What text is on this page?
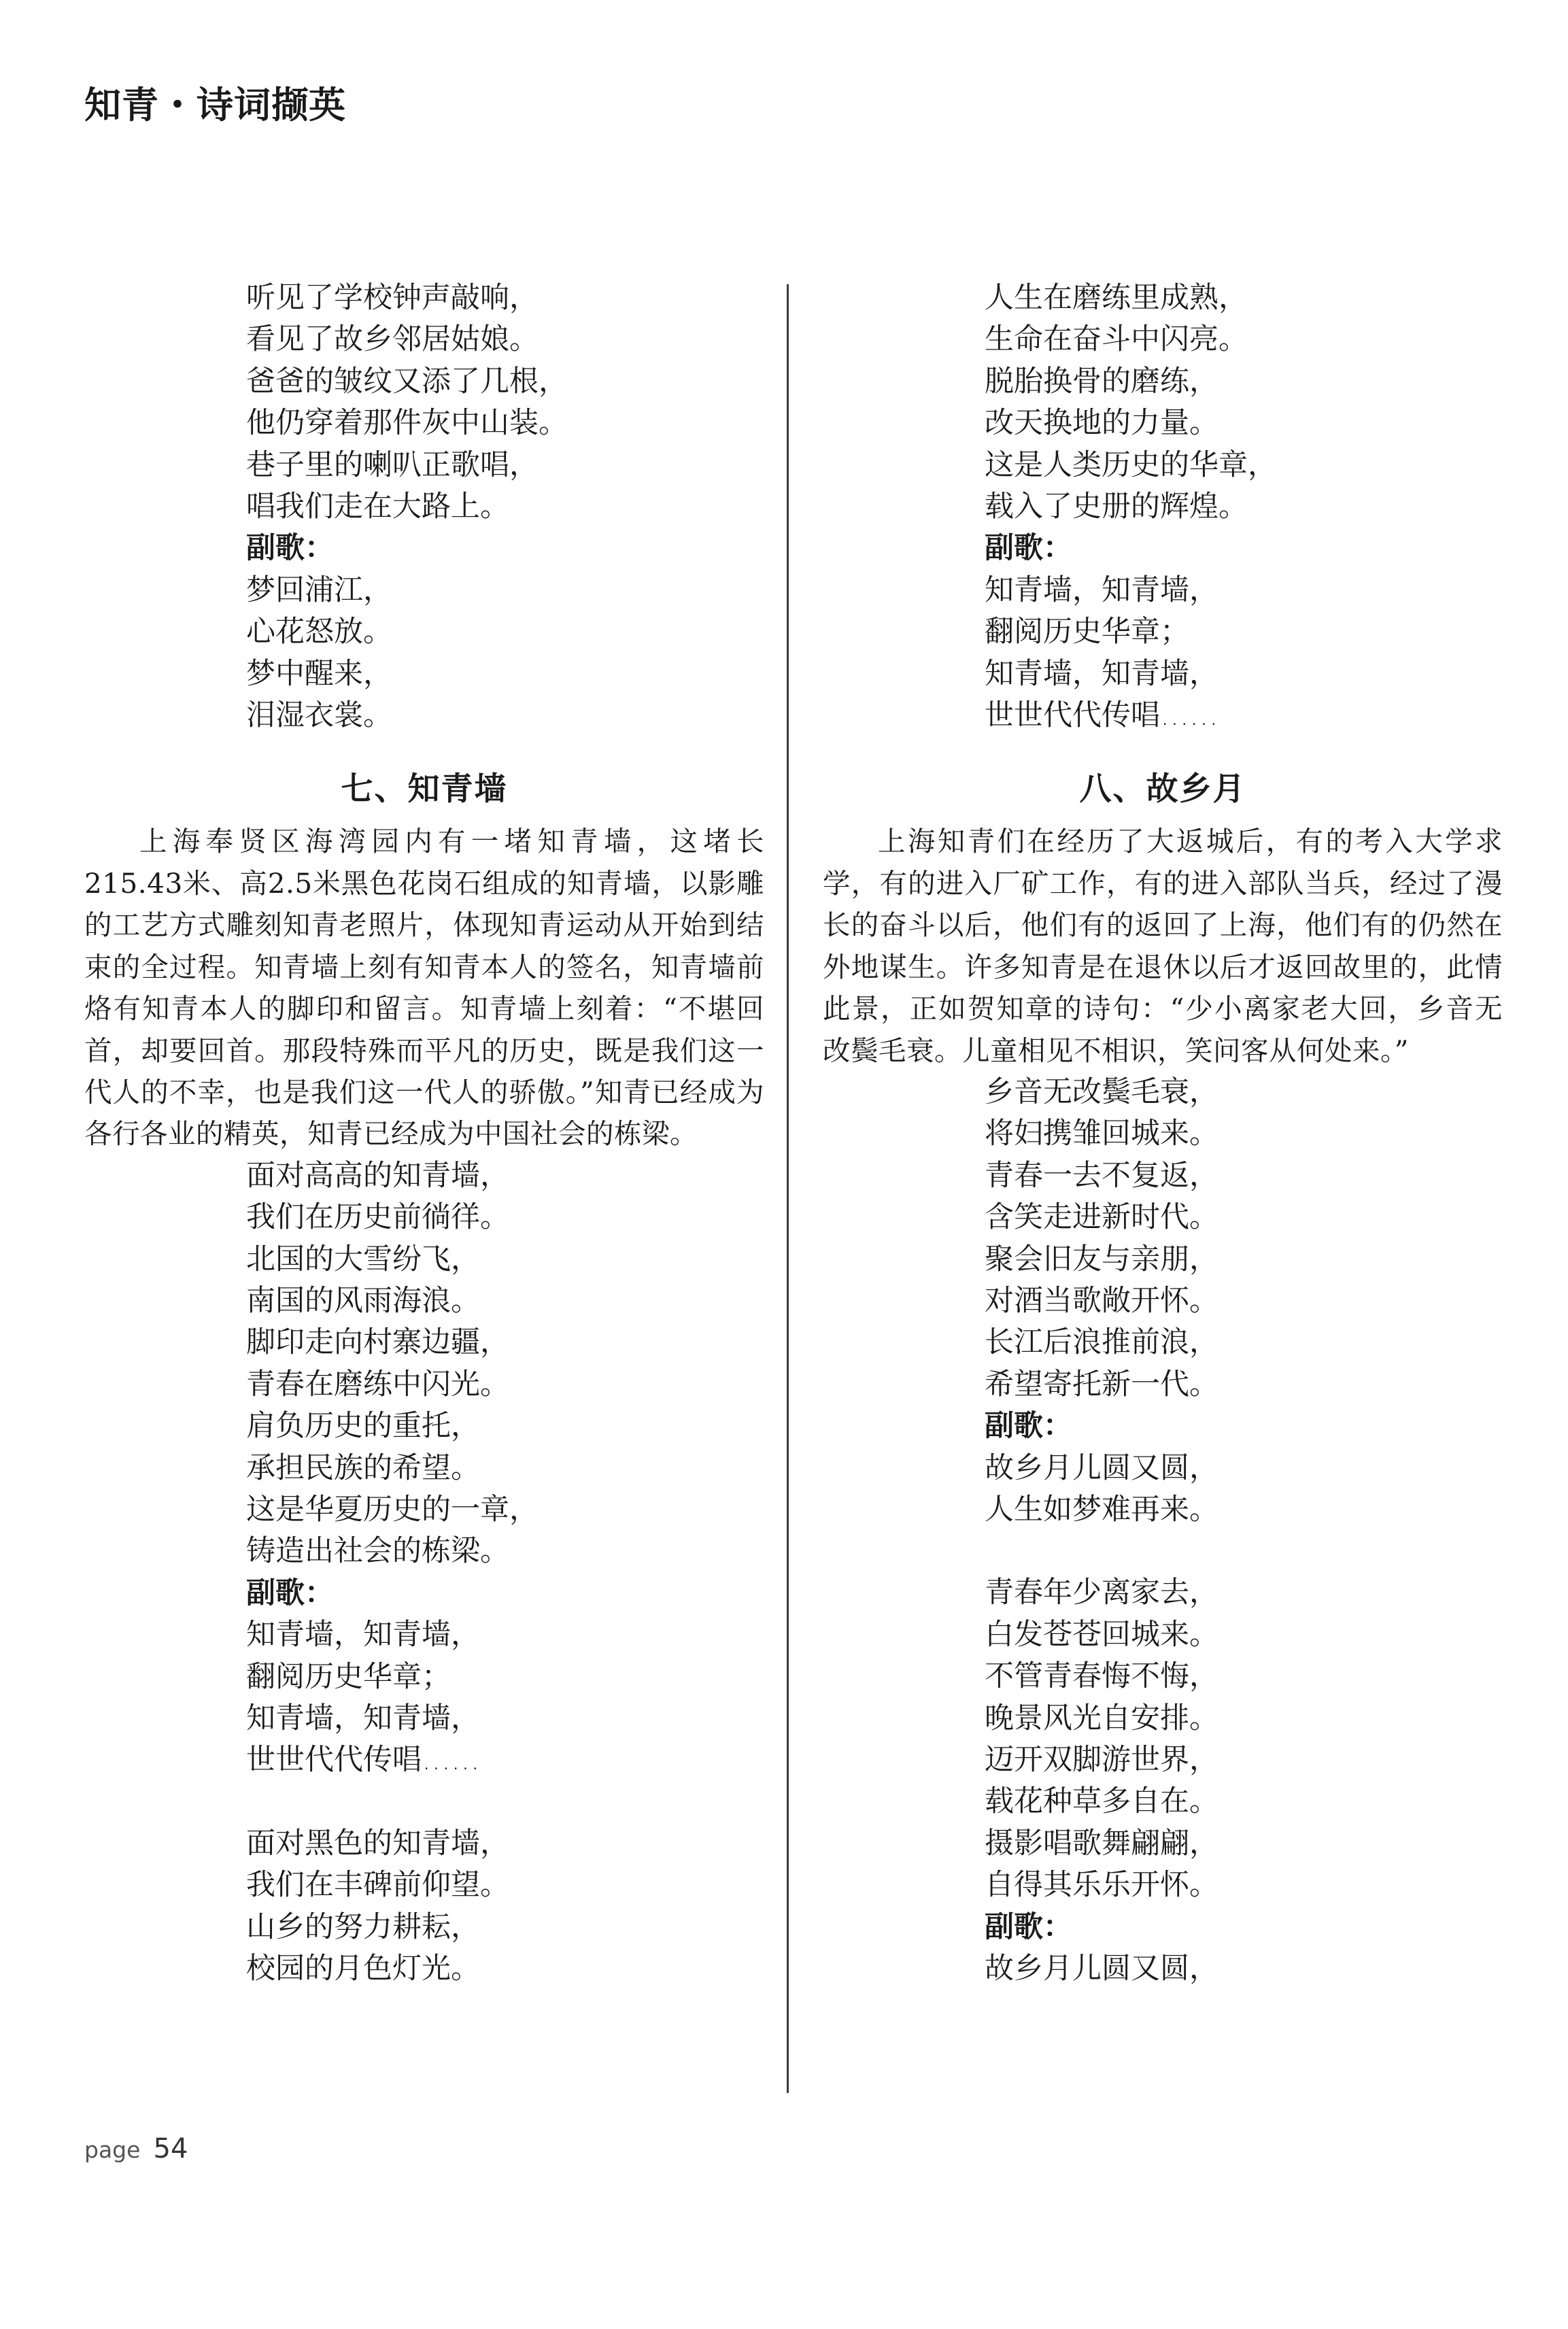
知青・诗词撷英
听见了学校钟声敲响，
看见了故乡邻居姑娘。
爸爸的皱纹又添了几根，
他仍穿着那件灰中山装。
巷子里的喇叭正歌唱，
唱我们走在大路上。
副歌：
梦回浦江，
心花怒放。
梦中醒来，
泪湿衣裳。
七、知青墙
上海奉贤区海湾园内有一堵知青墙，这堵长215.43米、高2.5米黑色花岗石组成的知青墙，以影雕的工艺方式雕刻知青老照片，体现知青运动从开始到结束的全过程。知青墙上刻有知青本人的签名，知青墙前烙有知青本人的脚印和留言。知青墙上刻着：“不堪回首，却要回首。那段特殊而平凡的历史，既是我们这一代人的不幸，也是我们这一代人的骄傲。”知青已经成为各行各业的精英，知青已经成为中国社会的栋梁。
面对高高的知青墙，
我们在历史前徜徉。
北国的大雪纷飞，
南国的风雨海浪。
脚印走向村寨边疆，
青春在磨练中闪光。
肩负历史的重托，
承担民族的希望。
这是华夏历史的一章，
铸造出社会的栋梁。
副歌：
知青墙，知青墙，
翻阅历史华章；
知青墙，知青墙，
世世代代传唱……
面对黑色的知青墙，
我们在丰碑前仰望。
山乡的努力耕耘，
校园的月色灯光。
人生在磨练里成熟，
生命在奋斗中闪亮。
脱胎换骨的磨练，
改天换地的力量。
这是人类历史的华章，
载入了史册的辉煌。
副歌：
知青墙，知青墙，
翻阅历史华章；
知青墙，知青墙，
世世代代传唱……
八、故乡月
上海知青们在经历了大返城后，有的考入大学求学，有的进入厂矿工作，有的进入部队当兵，经过了漫长的奋斗以后，他们有的返回了上海，他们有的仍然在外地谋生。许多知青是在退休以后才返回故里的，此情此景，正如贺知章的诗句：“少小离家老大回，乡音无改鬓毛衰。儿童相见不相识，笑问客从何处来。”
乡音无改鬓毛衰，
将妇携雏回城来。
青春一去不复返，
含笑走进新时代。
聚会旧友与亲朋，
对酒当歌敞开怀。
长江后浪推前浪，
希望寄托新一代。
副歌：
故乡月儿圆又圆，
人生如梦难再来。
青春年少离家去，
白发苍苍回城来。
不管青春悔不悔，
晚景风光自安排。
迈开双脚游世界，
载花种草多自在。
摄影唱歌舞翩翩，
自得其乐乐开怀。
副歌：
故乡月儿圆又圆，
page 54
